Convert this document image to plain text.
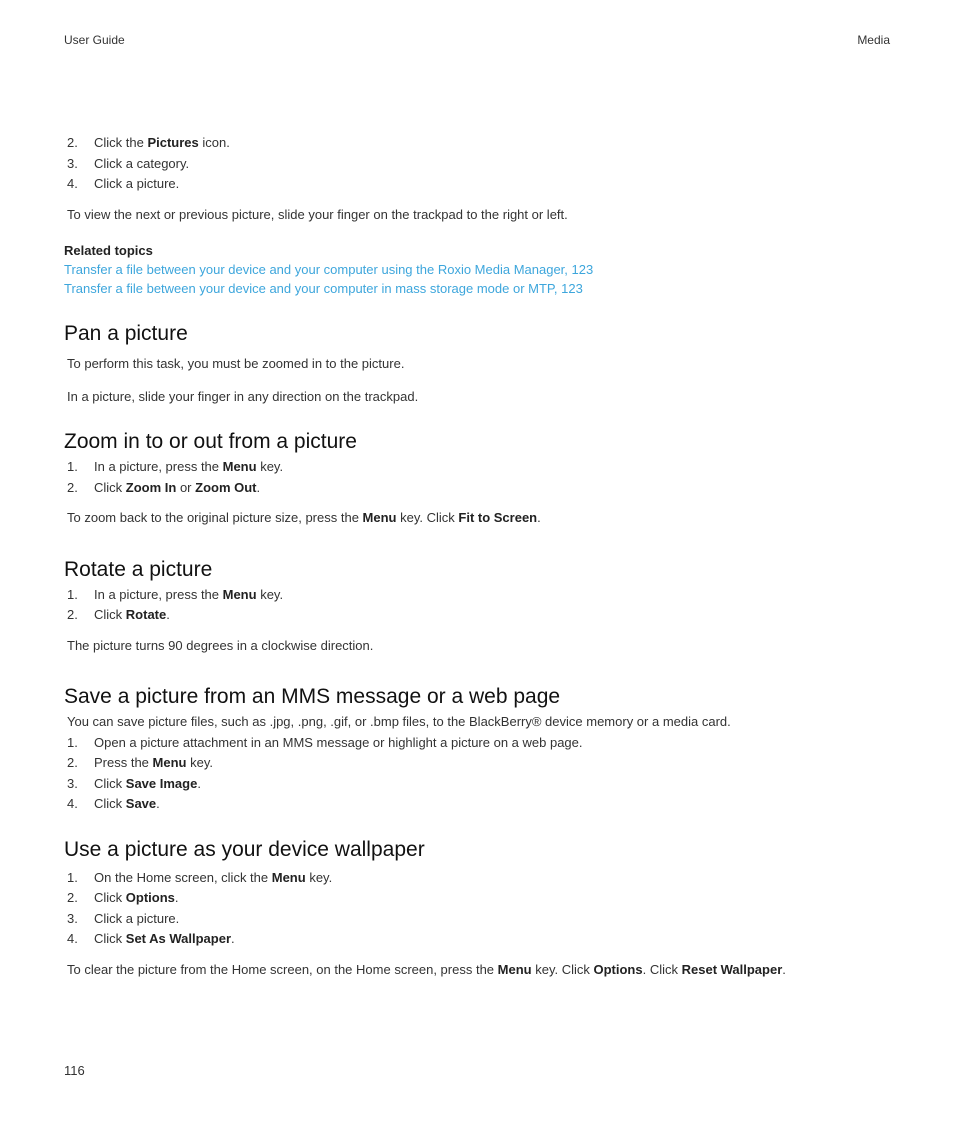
User Guide	Media
2. Click the Pictures icon.
3. Click a category.
4. Click a picture.

To view the next or previous picture, slide your finger on the trackpad to the right or left.

Related topics
Transfer a file between your device and your computer using the Roxio Media Manager, 123
Transfer a file between your device and your computer in mass storage mode or MTP, 123
Pan a picture

To perform this task, you must be zoomed in to the picture.

In a picture, slide your finger in any direction on the trackpad.

Zoom in to or out from a picture
1. In a picture, press the Menu key.
2. Click Zoom In or Zoom Out.

To zoom back to the original picture size, press the Menu key. Click Fit to Screen.

Rotate a picture
1. In a picture, press the Menu key.
2. Click Rotate.

The picture turns 90 degrees in a clockwise direction.

Save a picture from an MMS message or a web page

You can save picture files, such as .jpg, .png, .gif, or .bmp files, to the BlackBerry® device memory or a media card.

1. Open a picture attachment in an MMS message or highlight a picture on a web page.
2. Press the Menu key.
3. Click Save Image.
4. Click Save.
Use a picture as your device wallpaper
1. On the Home screen, click the Menu key.
2. Click Options.
3. Click a picture.
4. Click Set As Wallpaper.

To clear the picture from the Home screen, on the Home screen, press the Menu key. Click Options. Click Reset Wallpaper.

116
